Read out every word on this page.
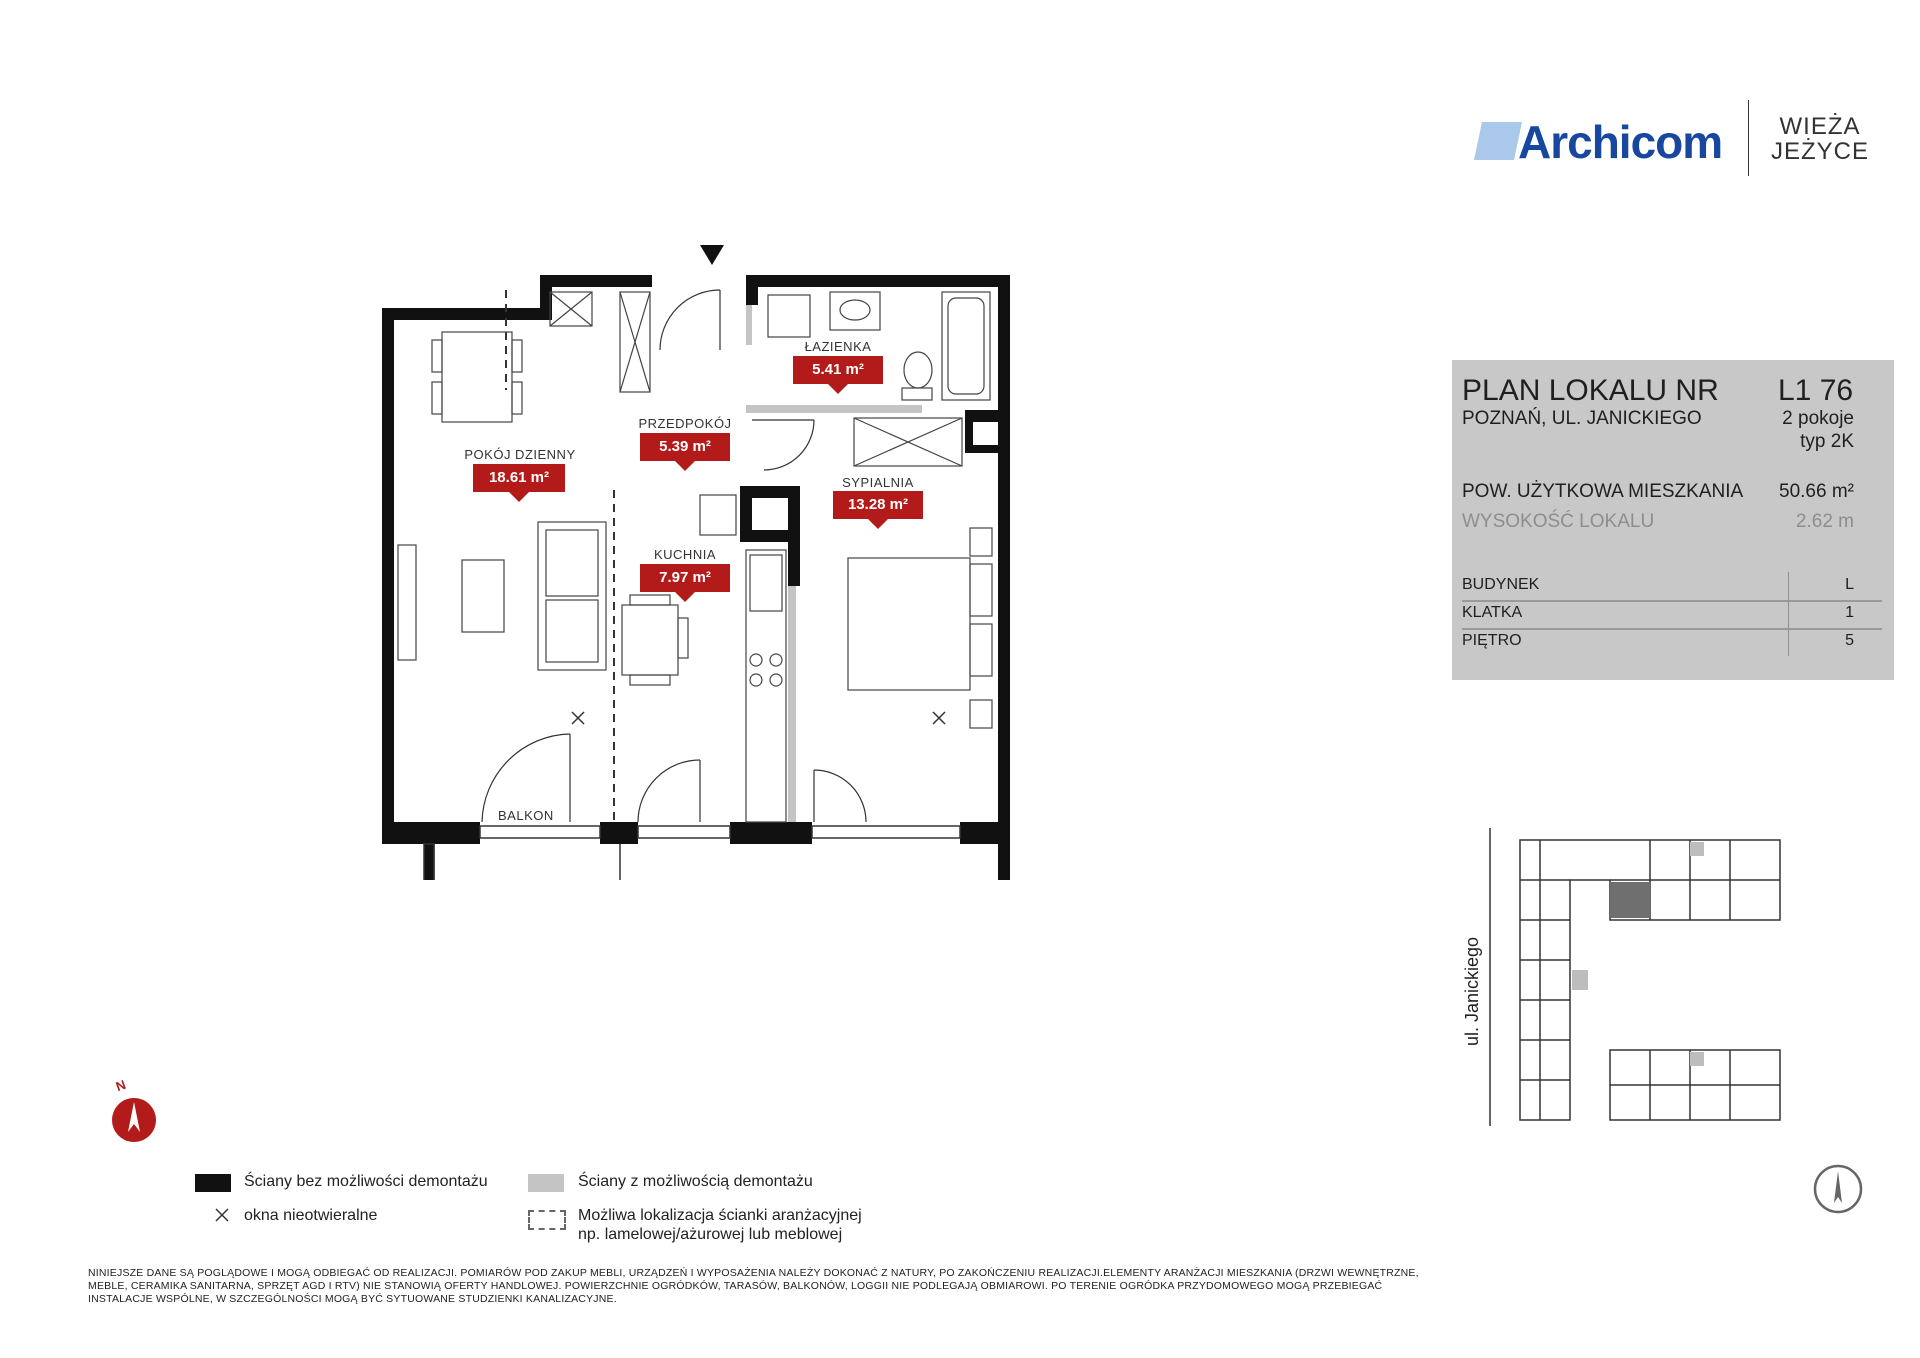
Archicom	WIEŻA JEŻYCE
POKÓJ DZIENNY
18.61 m²
PRZEDPOKÓJ
5.39 m²
ŁAZIENKA
5.41 m²
SYPIALNIA
13.28 m²
KUCHNIA
7.97 m²
BALKON
PLAN LOKALU NR L1 76
POZNAŃ, UL. JANICKIEGO	2 pokoje
typ 2K
POW. UŻYTKOWA MIESZKANIA 50.66 m²
WYSOKOŚĆ LOKALU	2.62 m
BUDYNEK	L
KLATKA	1
PIĘTRO	5
ul. Janickiego
N
Ściany bez możliwości demontażu	Ściany z możliwością demontażu
okna nieotwieralne	Możliwa lokalizacja ścianki aranżacyjnej
np. lamelowej/ażurowej lub meblowej
NINIEJSZE DANE SĄ POGLĄDOWE I MOGĄ ODBIEGAĆ OD REALIZACJI. POMIARÓW POD ZAKUP MEBLI, URZĄDZEŃ I WYPOSAŻENIA NALEŻY DOKONAĆ Z NATURY, PO ZAKOŃCZENIU REALIZACJI.ELEMENTY ARANŻACJI MIESZKANIA (DRZWI WEWNĘTRZNE, MEBLE, CERAMIKA SANITARNA, SPRZĘT AGD I RTV) NIE STANOWIĄ OFERTY HANDLOWEJ. POWIERZCHNIE OGRÓDKÓW, TARASÓW, BALKONÓW, LOGGII NIE PODLEGAJĄ OBMIAROWI. PO TERENIE OGRÓDKA PRZYDOMOWEGO MOGĄ PRZEBIEGAĆ INSTALACJE WSPÓLNE, W SZCZEGÓLNOŚCI MOGĄ BYĆ SYTUOWANE STUDZIENKI KANALIZACYJNE.
